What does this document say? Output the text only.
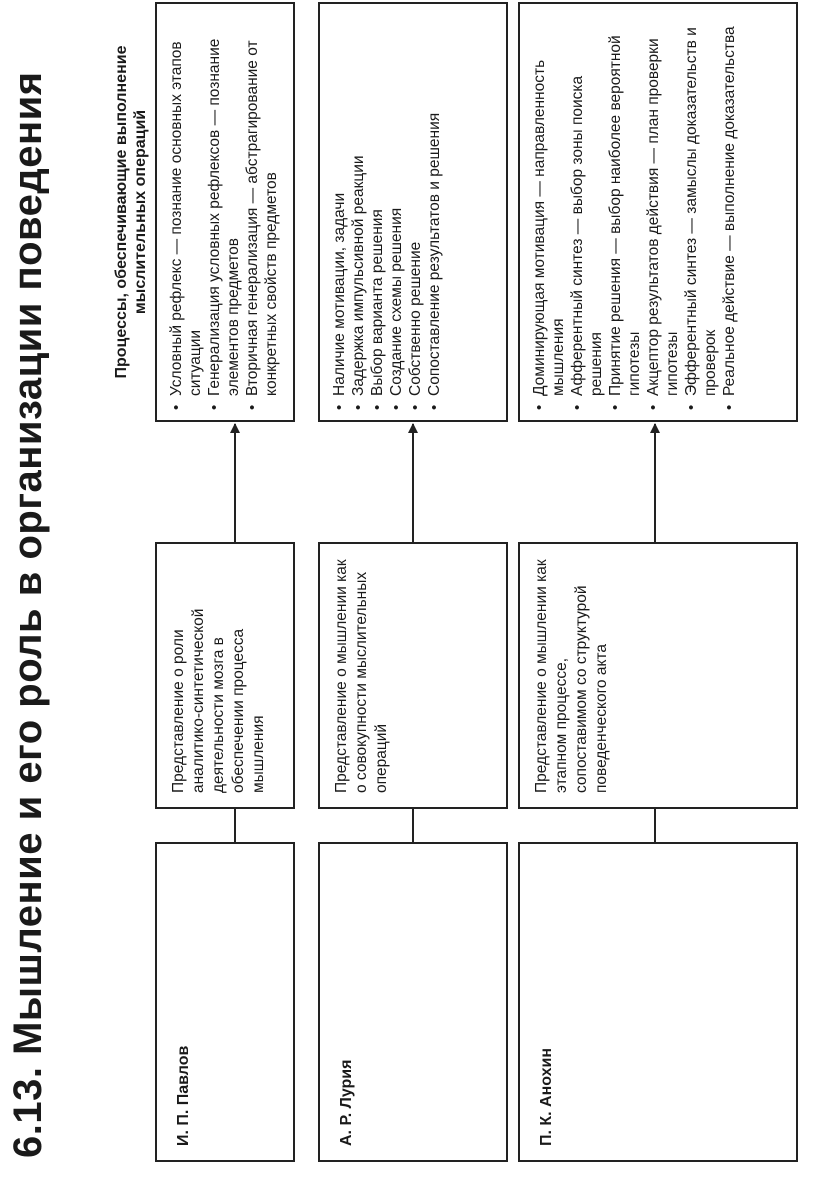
6.13. Мышление и его роль в организации поведения	Процессы, обеспечивающие выполнение мыслительных операций
И. П. Павлов
Представление о роли аналитико-синтетической деятельности мозга в обеспечении процесса мышления
• Условный рефлекс — познание основных этапов ситуации • Генерализация условных рефлексов — познание элементов предметов • Вторичная генерализация — абстрагирование от конкретных свойств предметов
А. Р. Лурия
Представление о мышлении как о совокупности мыслительных операций
• Наличие мотивации, задачи • Задержка импульсивной реакции • Выбор варианта решения • Создание схемы решения • Собственно решение • Сопоставление результатов и решения
П. К. Анохин
Представление о мышлении как этапном процессе, сопоставимом со структурой поведенческого акта
• Доминирующая мотивация — направленность мышления • Афферентный синтез — выбор зоны поиска решения • Принятие решения — выбор наиболее вероятной гипотезы • Акцептор результатов действия — план проверки гипотезы • Эфферентный синтез — замыслы доказательств и проверок • Реальное действие — выполнение доказательства
